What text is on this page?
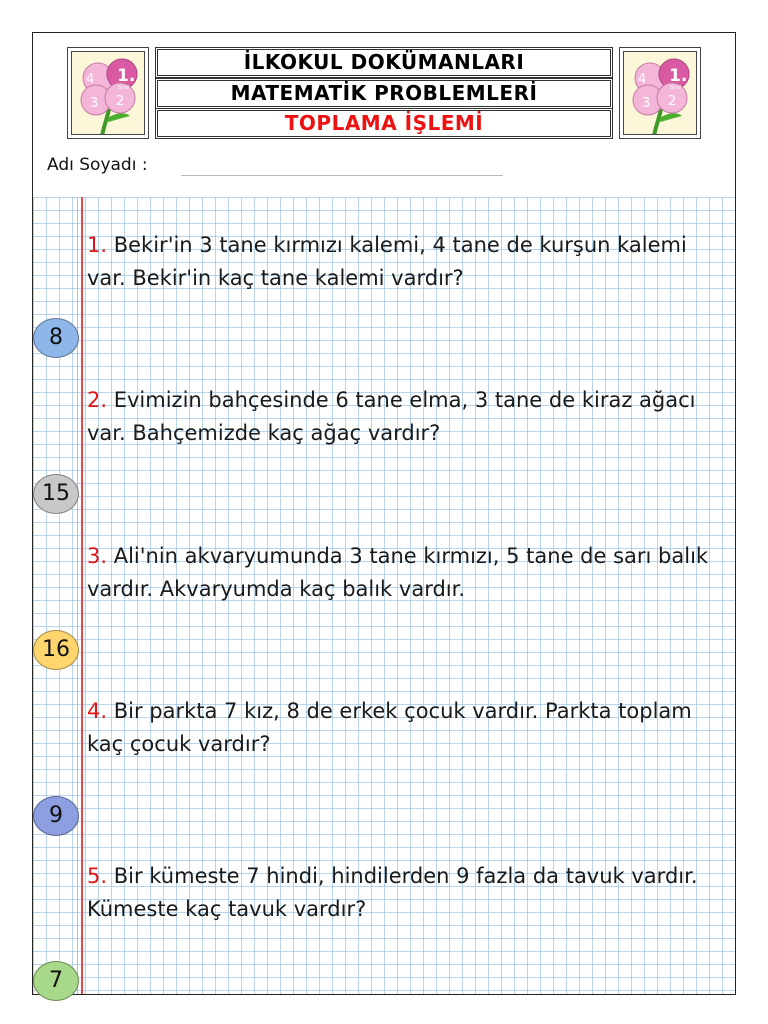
1.
Sınıf
4
3 2
İLKOKUL DOKÜMANLARI
MATEMATİK PROBLEMLERİ
TOPLAMA İŞLEMİ
1.
Sınıf
4
3 2
Adı Soyadı :
1. Bekir'in 3 tane kırmızı kalemi, 4 tane de kurşun kalemi var. Bekir'in kaç tane kalemi vardır?
8
2. Evimizin bahçesinde 6 tane elma, 3 tane de kiraz ağacı var. Bahçemizde kaç ağaç vardır?
15
3. Ali'nin akvaryumunda 3 tane kırmızı, 5 tane de sarı balık vardır. Akvaryumda kaç balık vardır.
16
4. Bir parkta 7 kız, 8 de erkek çocuk vardır. Parkta toplam kaç çocuk vardır?
9
5. Bir kümeste 7 hindi, hindilerden 9 fazla da tavuk vardır. Kümeste kaç tavuk vardır?
7
